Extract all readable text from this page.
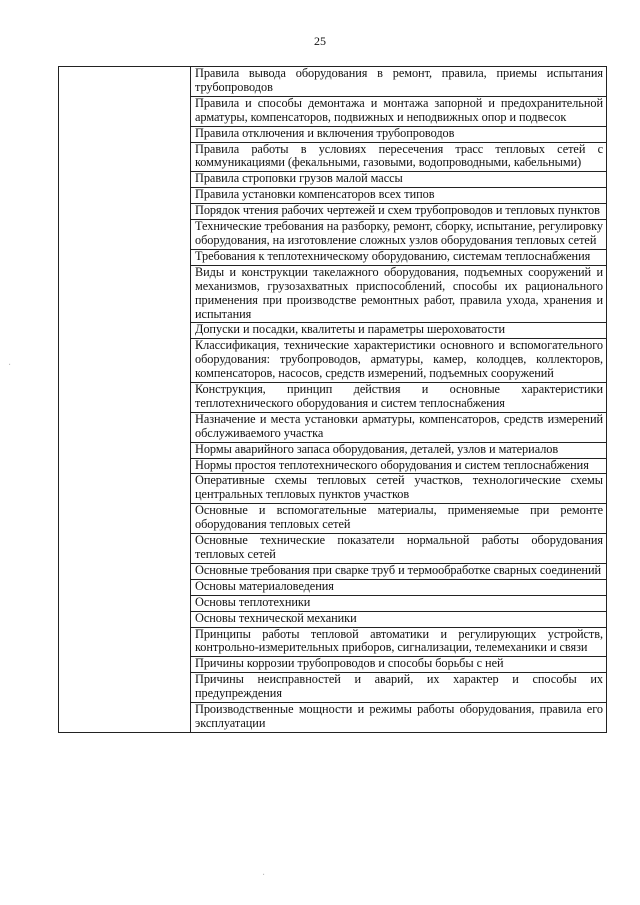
25
	Правила вывода оборудования в ремонт, правила, приемы испытания трубопроводов
Правила и способы демонтажа и монтажа запорной и предохранительной арматуры, компенсаторов, подвижных и неподвижных опор и подвесок
Правила отключения и включения трубопроводов
Правила работы в условиях пересечения трасс тепловых сетей с коммуникациями (фекальными, газовыми, водопроводными, кабельными)
Правила строповки грузов малой массы
Правила установки компенсаторов всех типов
Порядок чтения рабочих чертежей и схем трубопроводов и тепловых пунктов
Технические требования на разборку, ремонт, сборку, испытание, регулировку оборудования, на изготовление сложных узлов оборудования тепловых сетей
Требования к теплотехническому оборудованию, системам теплоснабжения
Виды и конструкции такелажного оборудования, подъемных сооружений и механизмов, грузозахватных приспособлений, способы их рационального применения при производстве ремонтных работ, правила ухода, хранения и испытания
Допуски и посадки, квалитеты и параметры шероховатости
Классификация, технические характеристики основного и вспомогательного оборудования: трубопроводов, арматуры, камер, колодцев, коллекторов, компенсаторов, насосов, средств измерений, подъемных сооружений
Конструкция, принцип действия и основные характеристики теплотехнического оборудования и систем теплоснабжения
Назначение и места установки арматуры, компенсаторов, средств измерений обслуживаемого участка
Нормы аварийного запаса оборудования, деталей, узлов и материалов
Нормы простоя теплотехнического оборудования и систем теплоснабжения
Оперативные схемы тепловых сетей участков, технологические схемы центральных тепловых пунктов участков
Основные и вспомогательные материалы, применяемые при ремонте оборудования тепловых сетей
Основные технические показатели нормальной работы оборудования тепловых сетей
Основные требования при сварке труб и термообработке сварных соединений
Основы материаловедения
Основы теплотехники
Основы технической механики
Принципы работы тепловой автоматики и регулирующих устройств, контрольно-измерительных приборов, сигнализации, телемеханики и связи
Причины коррозии трубопроводов и способы борьбы с ней
Причины неисправностей и аварий, их характер и способы их предупреждения
Производственные мощности и режимы работы оборудования, правила его эксплуатации
·
·
